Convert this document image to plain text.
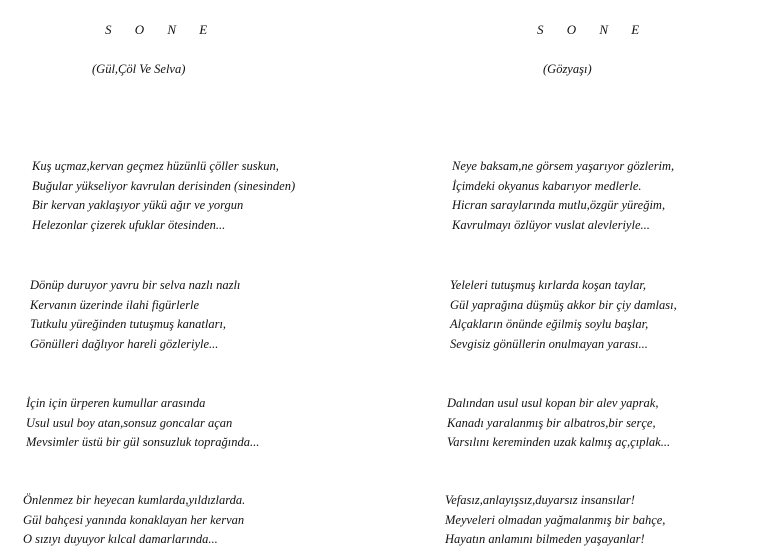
S O N E
(Gül,Çöl Ve Selva)
Kuş uçmaz,kervan geçmez hüzünlü çöller suskun,
Buğular yükseliyor kavrulan derisinden (sinesinden)
Bir kervan yaklaşıyor yükü ağır ve yorgun
Helezonlar çizerek ufuklar ötesinden...
Dönüp duruyor yavru bir selva nazlı nazlı
Kervanın üzerinde ilahi figürlerle
Tutkulu yüreğinden tutuşmuş kanatları,
Gönülleri dağlıyor hareli gözleriyle...
İçin için ürperen kumullar arasında
Usul usul boy atan,sonsuz goncalar açan
Mevsimler üstü bir gül sonsuzluk toprağında...
Önlenmez bir heyecan kumlarda,yıldızlarda.
Gül bahçesi yanında konaklayan her kervan
O sızıyı duyuyor kılcal damarlarında...
S O N E
(Gözyaşı)
Neye baksam,ne görsem yaşarıyor gözlerim,
İçimdeki okyanus kabarıyor medlerle.
Hicran saraylarında mutlu,özgür yüreğim,
Kavrulmayı özlüyor vuslat alevleriyle...
Yeleleri tutuşmuş kırlarda koşan taylar,
Gül yaprağına düşmüş akkor bir çiy damlası,
Alçakların önünde eğilmiş soylu başlar,
Sevgisiz gönüllerin onulmayan yarası...
Dalından usul usul kopan bir alev yaprak,
Kanadı yaralanmış bir albatros,bir serçe,
Varsılını kereminden uzak kalmış aç,çıplak...
Vefasız,anlayışsız,duyarsız insansılar!
Meyveleri olmadan yağmalanmış bir bahçe,
Hayatın anlamını bilmeden yaşayanlar!
